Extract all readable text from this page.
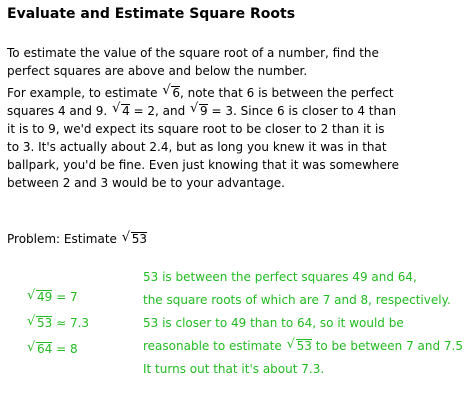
Evaluate and Estimate Square Roots
To estimate the value of the square root of a number, find the
perfect squares are above and below the number.
For example, to estimate √ 6, note that 6 is between the perfect
squares 4 and 9. √ 4 = 2, and √ 9 = 3. Since 6 is closer to 4 than
it is to 9, we'd expect its square root to be closer to 2 than it is
to 3. It's actually about 2.4, but as long you knew it was in that
ballpark, you'd be fine. Even just knowing that it was somewhere
between 2 and 3 would be to your advantage.
Problem: Estimate √ 53
√ 49 = 7
√ 53 ≈ 7.3
√ 64 = 8
53 is between the perfect squares 49 and 64,
the square roots of which are 7 and 8, respectively.
53 is closer to 49 than to 64, so it would be
reasonable to estimate √ 53 to be between 7 and 7.5
It turns out that it's about 7.3.
